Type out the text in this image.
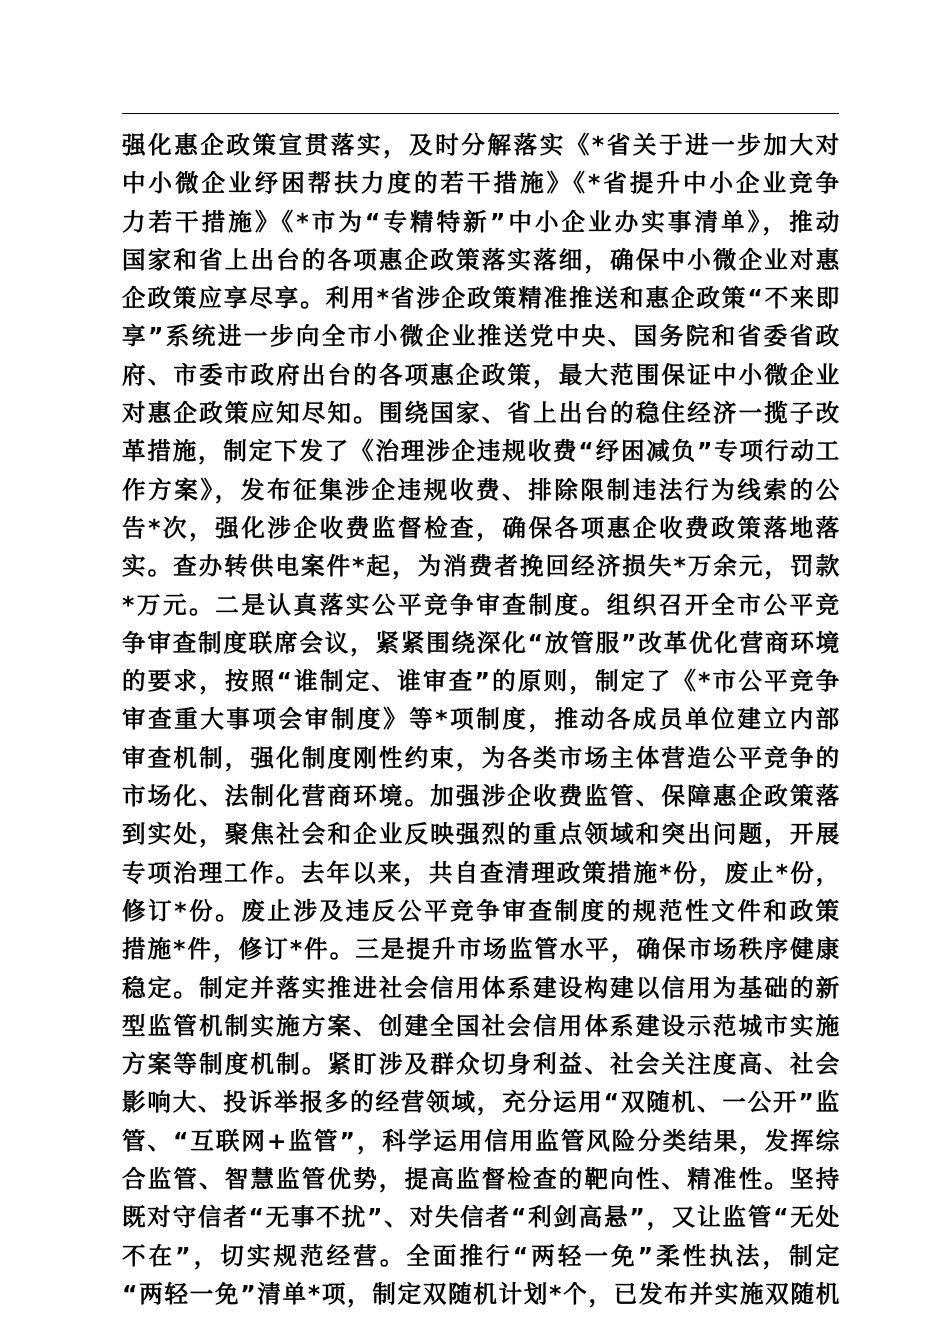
强化惠企政策宣贯落实，及时分解落实《*省关于进一步加大对
中小微企业纾困帮扶力度的若干措施》《*省提升中小企业竞争
力若干措施》《*市为“专精特新”中小企业办实事清单》，推动
国家和省上出台的各项惠企政策落实落细，确保中小微企业对惠
企政策应享尽享。利用*省涉企政策精准推送和惠企政策“不来即
享”系统进一步向全市小微企业推送党中央、国务院和省委省政
府、市委市政府出台的各项惠企政策，最大范围保证中小微企业
对惠企政策应知尽知。围绕国家、省上出台的稳住经济一揽子改
革措施，制定下发了《治理涉企违规收费“纾困减负”专项行动工
作方案》，发布征集涉企违规收费、排除限制违法行为线索的公
告*次，强化涉企收费监督检查，确保各项惠企收费政策落地落
实。查办转供电案件*起，为消费者挽回经济损失*万余元，罚款
*万元。二是认真落实公平竞争审查制度。组织召开全市公平竞
争审查制度联席会议，紧紧围绕深化“放管服”改革优化营商环境
的要求，按照“谁制定、谁审查”的原则，制定了《*市公平竞争
审查重大事项会审制度》等*项制度，推动各成员单位建立内部
审查机制，强化制度刚性约束，为各类市场主体营造公平竞争的
市场化、法制化营商环境。加强涉企收费监管、保障惠企政策落
到实处，聚焦社会和企业反映强烈的重点领域和突出问题，开展
专项治理工作。去年以来，共自查清理政策措施*份，废止*份，
修订*份。废止涉及违反公平竞争审查制度的规范性文件和政策
措施*件，修订*件。三是提升市场监管水平，确保市场秩序健康
稳定。制定并落实推进社会信用体系建设构建以信用为基础的新
型监管机制实施方案、创建全国社会信用体系建设示范城市实施
方案等制度机制。紧盯涉及群众切身利益、社会关注度高、社会
影响大、投诉举报多的经营领域，充分运用“双随机、一公开”监
管、“互联网+监管”，科学运用信用监管风险分类结果，发挥综
合监管、智慧监管优势，提高监督检查的靶向性、精准性。坚持
既对守信者“无事不扰”、对失信者“利剑高悬”，又让监管“无处
不在”，切实规范经营。全面推行“两轻一免”柔性执法，制定
“两轻一免”清单*项，制定双随机计划*个，已发布并实施双随机
